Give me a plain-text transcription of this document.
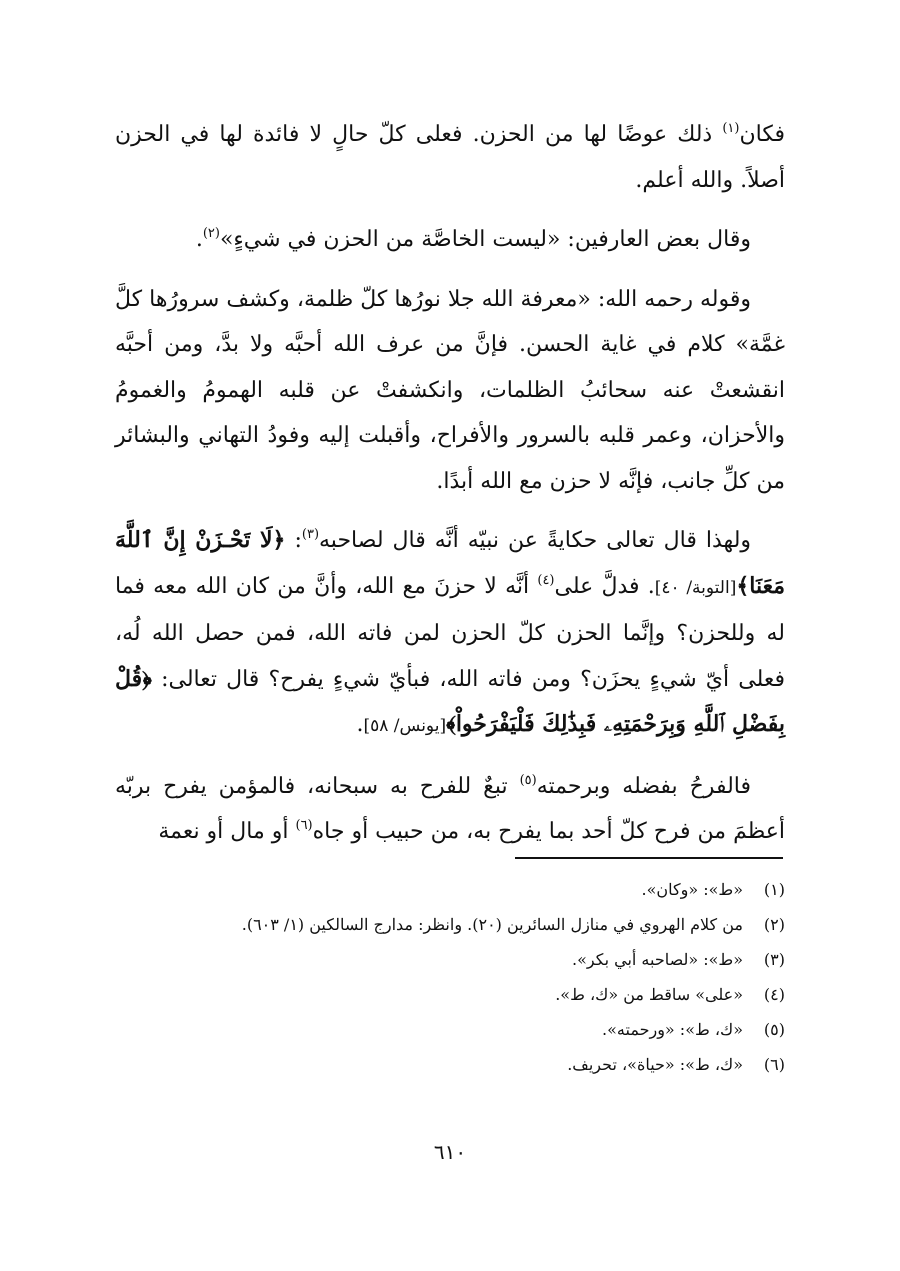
فكان$^{(١)}$ ذلك عوضًا لها من الحزن. فعلى كلّ حالٍ لا فائدة لها في الحزن أصلاً. والله أعلم.

وقال بعض العارفين: «ليست الخاصَّة من الحزن في شيءٍ»$^{(٢)}$.

وقوله رحمه الله: «معرفة الله جلا نورُها كلّ ظلمة، وكشف سرورُها كلَّ غمَّة» كلام في غاية الحسن. فإنَّ من عرف الله أحبَّه ولا بدَّ، ومن أحبَّه انقشعتْ عنه سحائبُ الظلمات، وانكشفتْ عن قلبه الهمومُ والغمومُ والأحزان، وعمر قلبه بالسرور والأفراح، وأقبلت إليه وفودُ التهاني والبشائر من كلِّ جانب، فإنَّه لا حزن مع الله أبدًا.

ولهذا قال تعالى حكايةً عن نبيّه أنَّه قال لصاحبه$^{(٣)}$: ﴿لَا تَحْـزَنْ إِنَّ ٱللَّهَ مَعَنَا﴾[التوبة/ ٤٠]. فدلَّ على$^{(٤)}$ أنَّه لا حزنَ مع الله، وأنَّ من كان الله معه فما له وللحزن؟ وإنَّما الحزن كلّ الحزن لمن فاته الله، فمن حصل الله لُه، فعلى أيّ شيءٍ يحزَن؟ ومن فاته الله، فبأيّ شيءٍ يفرح؟ قال تعالى: ﴿قُلْ بِفَضْلِ ٱللَّهِ وَبِرَحْمَتِهِۦ فَبِذَٰلِكَ فَلْيَفْرَحُواْ﴾[يونس/ ٥٨].

فالفرحُ بفضله وبرحمته$^{(٥)}$ تبعٌ للفرح به سبحانه، فالمؤمن يفرح بربّه أعظمَ من فرح كلّ أحد بما يفرح به، من حبيب أو جاه$^{(٦)}$ أو مال أو نعمة

(١)
«ط»: «وكان».
(٢)
من كلام الهروي في منازل السائرين (٢٠). وانظر: مدارج السالكين (١/ ٦٠٣).
(٣)
«ط»: «لصاحبه أبي بكر».
(٤)
«على» ساقط من «ك، ط».
(٥)
«ك، ط»: «ورحمته».
(٦)
«ك، ط»: «حياة»، تحريف.
٦١٠
